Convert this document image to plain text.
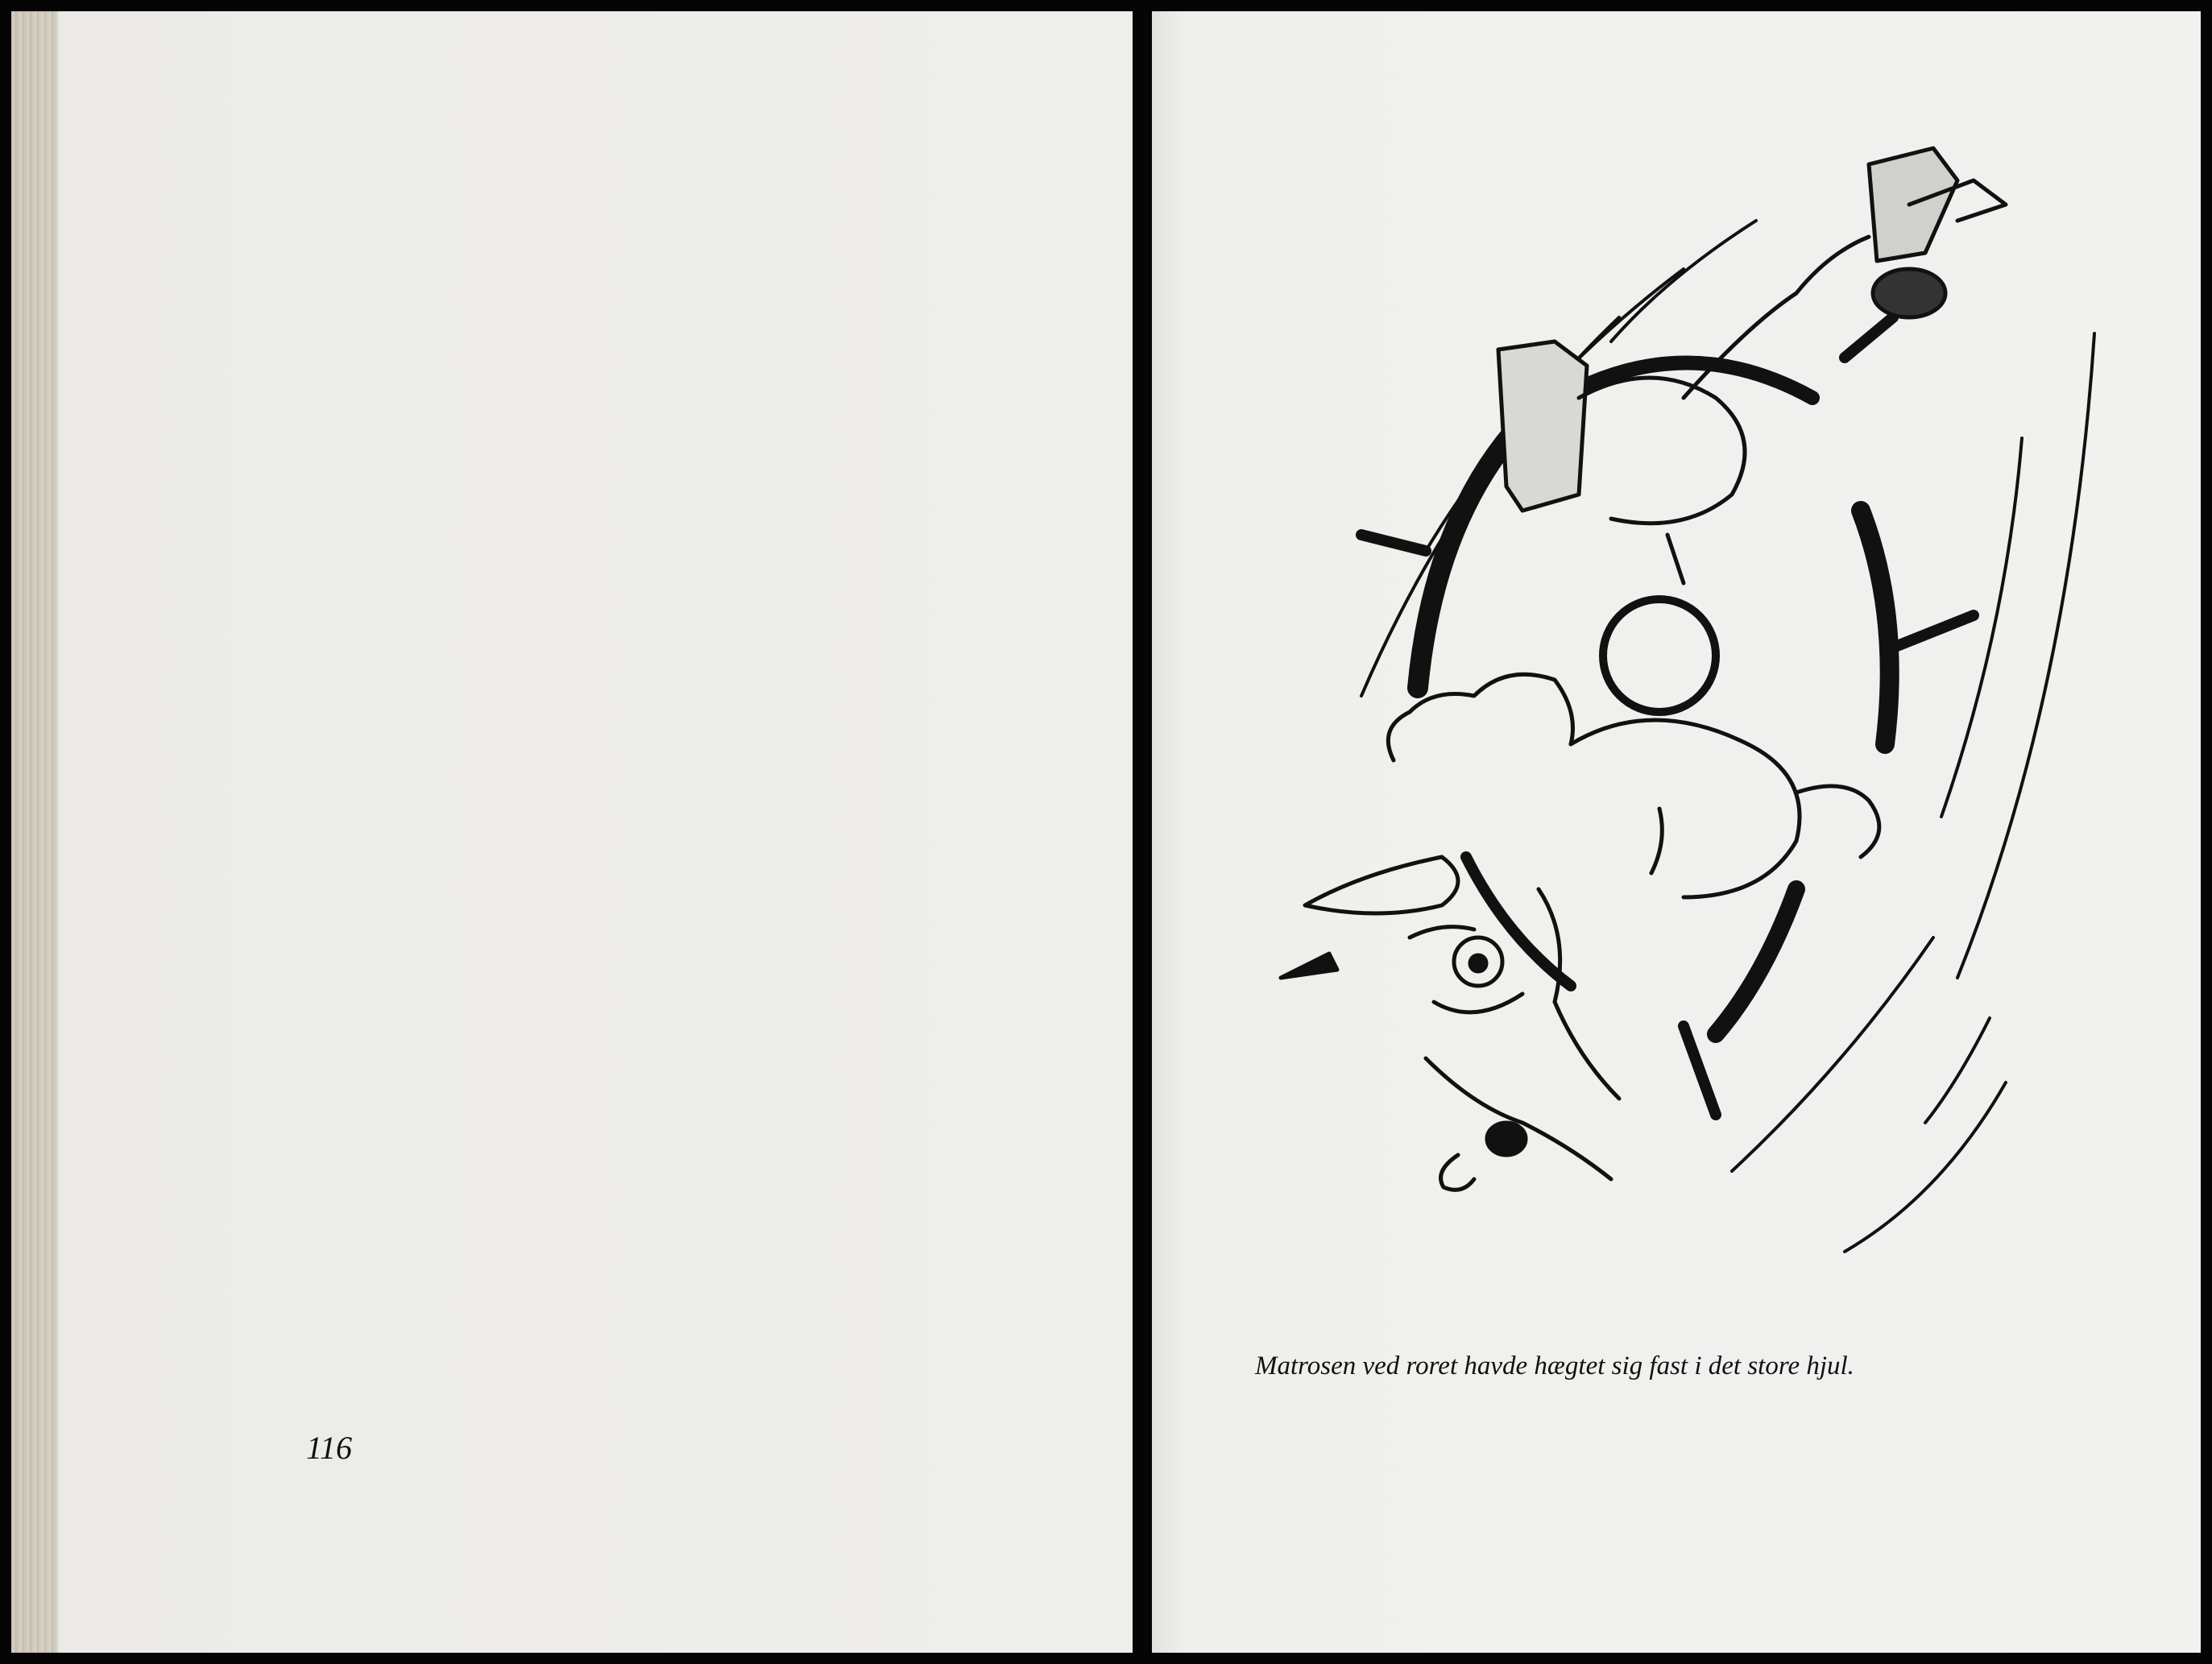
116

Matrosen ved roret havde hægtet sig fast i det store hjul.
